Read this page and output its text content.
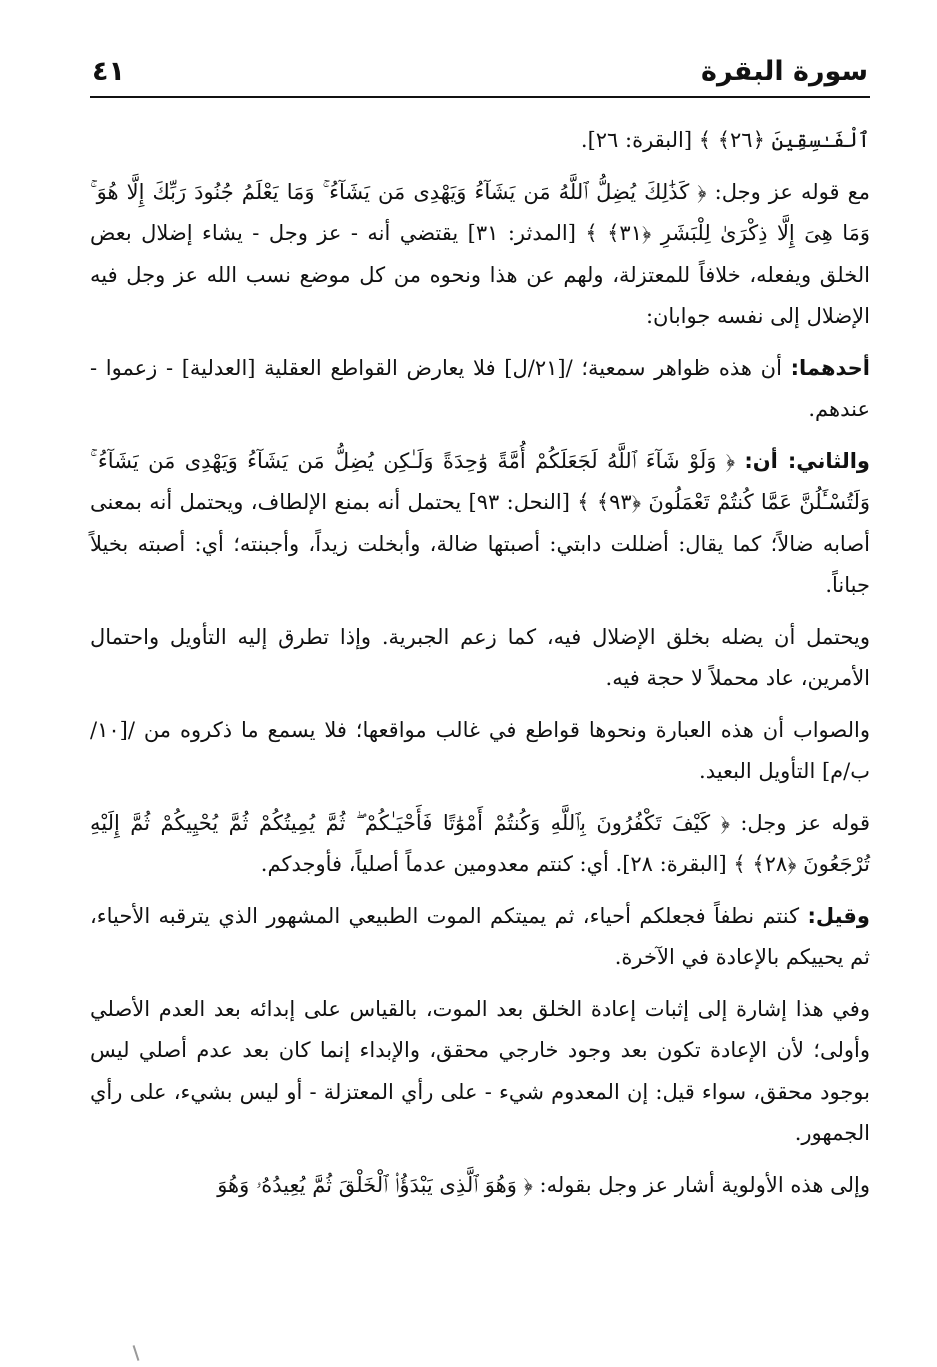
سورة البقرة
٤١

ٱلْفَـٰسِقِينَ ﴿٢٦﴾ ﴾ [البقرة: ٢٦].

مع قوله عز وجل: ﴿ كَذَٰلِكَ يُضِلُّ ٱللَّهُ مَن يَشَآءُ وَيَهْدِى مَن يَشَآءُ ۚ وَمَا يَعْلَمُ جُنُودَ رَبِّكَ إِلَّا هُوَ ۚ وَمَا هِىَ إِلَّا ذِكْرَىٰ لِلْبَشَرِ ﴿٣١﴾ ﴾ [المدثر: ٣١] يقتضي أنه - عز وجل - يشاء إضلال بعض الخلق ويفعله، خلافاً للمعتزلة، ولهم عن هذا ونحوه من كل موضع نسب الله عز وجل فيه الإضلال إلى نفسه جوابان:

أحدهما: أن هذه ظواهر سمعية؛ /[٢١/ل] فلا يعارض القواطع العقلية [العدلية] - زعموا - عندهم.

والثاني: أن: ﴿ وَلَوْ شَآءَ ٱللَّهُ لَجَعَلَكُمْ أُمَّةً وَٰحِدَةً وَلَـٰكِن يُضِلُّ مَن يَشَآءُ وَيَهْدِى مَن يَشَآءُ ۚ وَلَتُسْـَٔلُنَّ عَمَّا كُنتُمْ تَعْمَلُونَ ﴿٩٣﴾ ﴾ [النحل: ٩٣] يحتمل أنه بمنع الإلطاف، ويحتمل أنه بمعنى أصابه ضالاً؛ كما يقال: أضللت دابتي: أصبتها ضالة، وأبخلت زيداً، وأجبنته؛ أي: أصبته بخيلاً جباناً.

ويحتمل أن يضله بخلق الإضلال فيه، كما زعم الجبرية. وإذا تطرق إليه التأويل واحتمال الأمرين، عاد محملاً لا حجة فيه.

والصواب أن هذه العبارة ونحوها قواطع في غالب مواقعها؛ فلا يسمع ما ذكروه من /[١٠/ ب/م] التأويل البعيد.

قوله عز وجل: ﴿ كَيْفَ تَكْفُرُونَ بِٱللَّهِ وَكُنتُمْ أَمْوَٰتًا فَأَحْيَـٰكُمْ ۖ ثُمَّ يُمِيتُكُمْ ثُمَّ يُحْيِيكُمْ ثُمَّ إِلَيْهِ تُرْجَعُونَ ﴿٢٨﴾ ﴾ [البقرة: ٢٨]. أي: كنتم معدومين عدماً أصلياً، فأوجدكم.

وقيل: كنتم نطفاً فجعلكم أحياء، ثم يميتكم الموت الطبيعي المشهور الذي يترقبه الأحياء، ثم يحييكم بالإعادة في الآخرة.

وفي هذا إشارة إلى إثبات إعادة الخلق بعد الموت، بالقياس على إبدائه بعد العدم الأصلي وأولى؛ لأن الإعادة تكون بعد وجود خارجي محقق، والإبداء إنما كان بعد عدم أصلي ليس بوجود محقق، سواء قيل: إن المعدوم شيء - على رأي المعتزلة - أو ليس بشيء، على رأي الجمهور.

وإلى هذه الأولوية أشار عز وجل بقوله: ﴿ وَهُوَ ٱلَّذِى يَبْدَؤُا۟ ٱلْخَلْقَ ثُمَّ يُعِيدُهُۥ وَهُوَ
